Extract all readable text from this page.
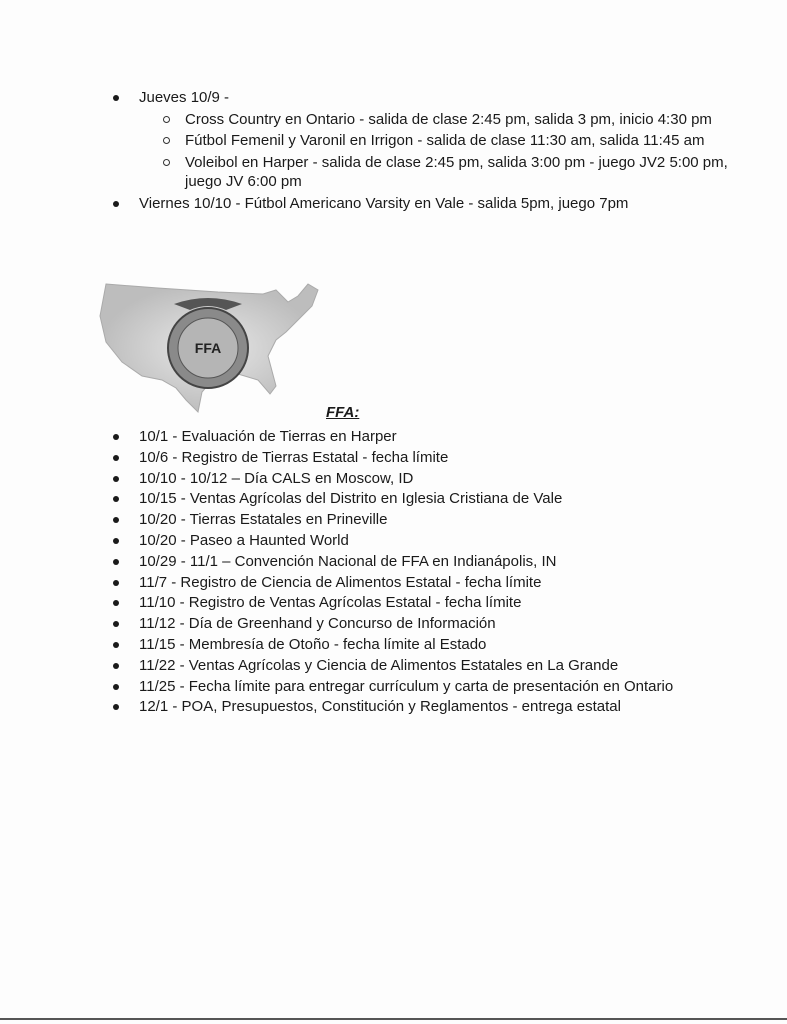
Jueves 10/9 -
Cross Country en Ontario - salida de clase 2:45 pm, salida 3 pm, inicio 4:30 pm
Fútbol Femenil y Varonil en Irrigon - salida de clase 11:30 am, salida 11:45 am
Voleibol en Harper - salida de clase 2:45 pm, salida 3:00 pm - juego JV2 5:00 pm, juego JV 6:00 pm
Viernes 10/10 - Fútbol Americano Varsity en Vale - salida 5pm, juego 7pm
FFA
FFA:
10/1 - Evaluación de Tierras en Harper
10/6 - Registro de Tierras Estatal - fecha límite
10/10 - 10/12 – Día CALS en Moscow, ID
10/15 - Ventas Agrícolas del Distrito en Iglesia Cristiana de Vale
10/20 - Tierras Estatales en Prineville
10/20 - Paseo a Haunted World
10/29 - 11/1 – Convención Nacional de FFA en Indianápolis, IN
11/7 - Registro de Ciencia de Alimentos Estatal - fecha límite
11/10 - Registro de Ventas Agrícolas Estatal - fecha límite
11/12 - Día de Greenhand y Concurso de Información
11/15 - Membresía de Otoño - fecha límite al Estado
11/22 - Ventas Agrícolas y Ciencia de Alimentos Estatales en La Grande
11/25 - Fecha límite para entregar currículum y carta de presentación en Ontario
12/1 - POA, Presupuestos, Constitución y Reglamentos - entrega estatal
